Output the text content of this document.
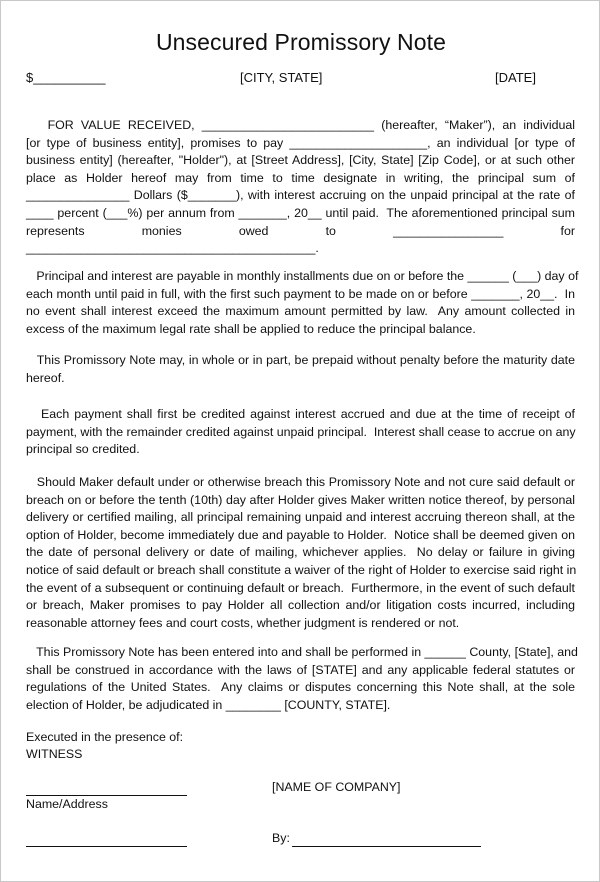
Unsecured Promissory Note
$__________	[CITY, STATE]	[DATE]
FOR VALUE RECEIVED, _________________________ (hereafter, “Maker”), an individual
[or type of business entity], promises to pay ____________________, an individual [or type of
business entity] (hereafter, "Holder"), at [Street Address], [City, State] [Zip Code], or at such other
place as Holder hereof may from time to time designate in writing, the principal sum of
_______________ Dollars ($_______), with interest accruing on the unpaid principal at the rate of
____ percent (___%) per annum from _______, 20__ until paid.  The aforementioned principal sum
represents          monies          owed          to          ________________          for
__________________________________________.
Principal and interest are payable in monthly installments due on or before the ______ (___) day of
each month until paid in full, with the first such payment to be made on or before _______, 20__.  In
no event shall interest exceed the maximum amount permitted by law.  Any amount collected in
excess of the maximum legal rate shall be applied to reduce the principal balance.
This Promissory Note may, in whole or in part, be prepaid without penalty before the maturity date
hereof.
Each payment shall first be credited against interest accrued and due at the time of receipt of
payment, with the remainder credited against unpaid principal.  Interest shall cease to accrue on any
principal so credited.
Should Maker default under or otherwise breach this Promissory Note and not cure said default or
breach on or before the tenth (10th) day after Holder gives Maker written notice thereof, by personal
delivery or certified mailing, all principal remaining unpaid and interest accruing thereon shall, at the
option of Holder, become immediately due and payable to Holder.  Notice shall be deemed given on
the date of personal delivery or date of mailing, whichever applies.  No delay or failure in giving
notice of said default or breach shall constitute a waiver of the right of Holder to exercise said right in
the event of a subsequent or continuing default or breach.  Furthermore, in the event of such default
or breach, Maker promises to pay Holder all collection and/or litigation costs incurred, including
reasonable attorney fees and court costs, whether judgment is rendered or not.
This Promissory Note has been entered into and shall be performed in ______ County, [State], and
shall be construed in accordance with the laws of [STATE] and any applicable federal statutes or
regulations of the United States.  Any claims or disputes concerning this Note shall, at the sole
election of Holder, be adjudicated in ________ [COUNTY, STATE].
Executed in the presence of:
WITNESS
[NAME OF COMPANY]
Name/Address
By:
